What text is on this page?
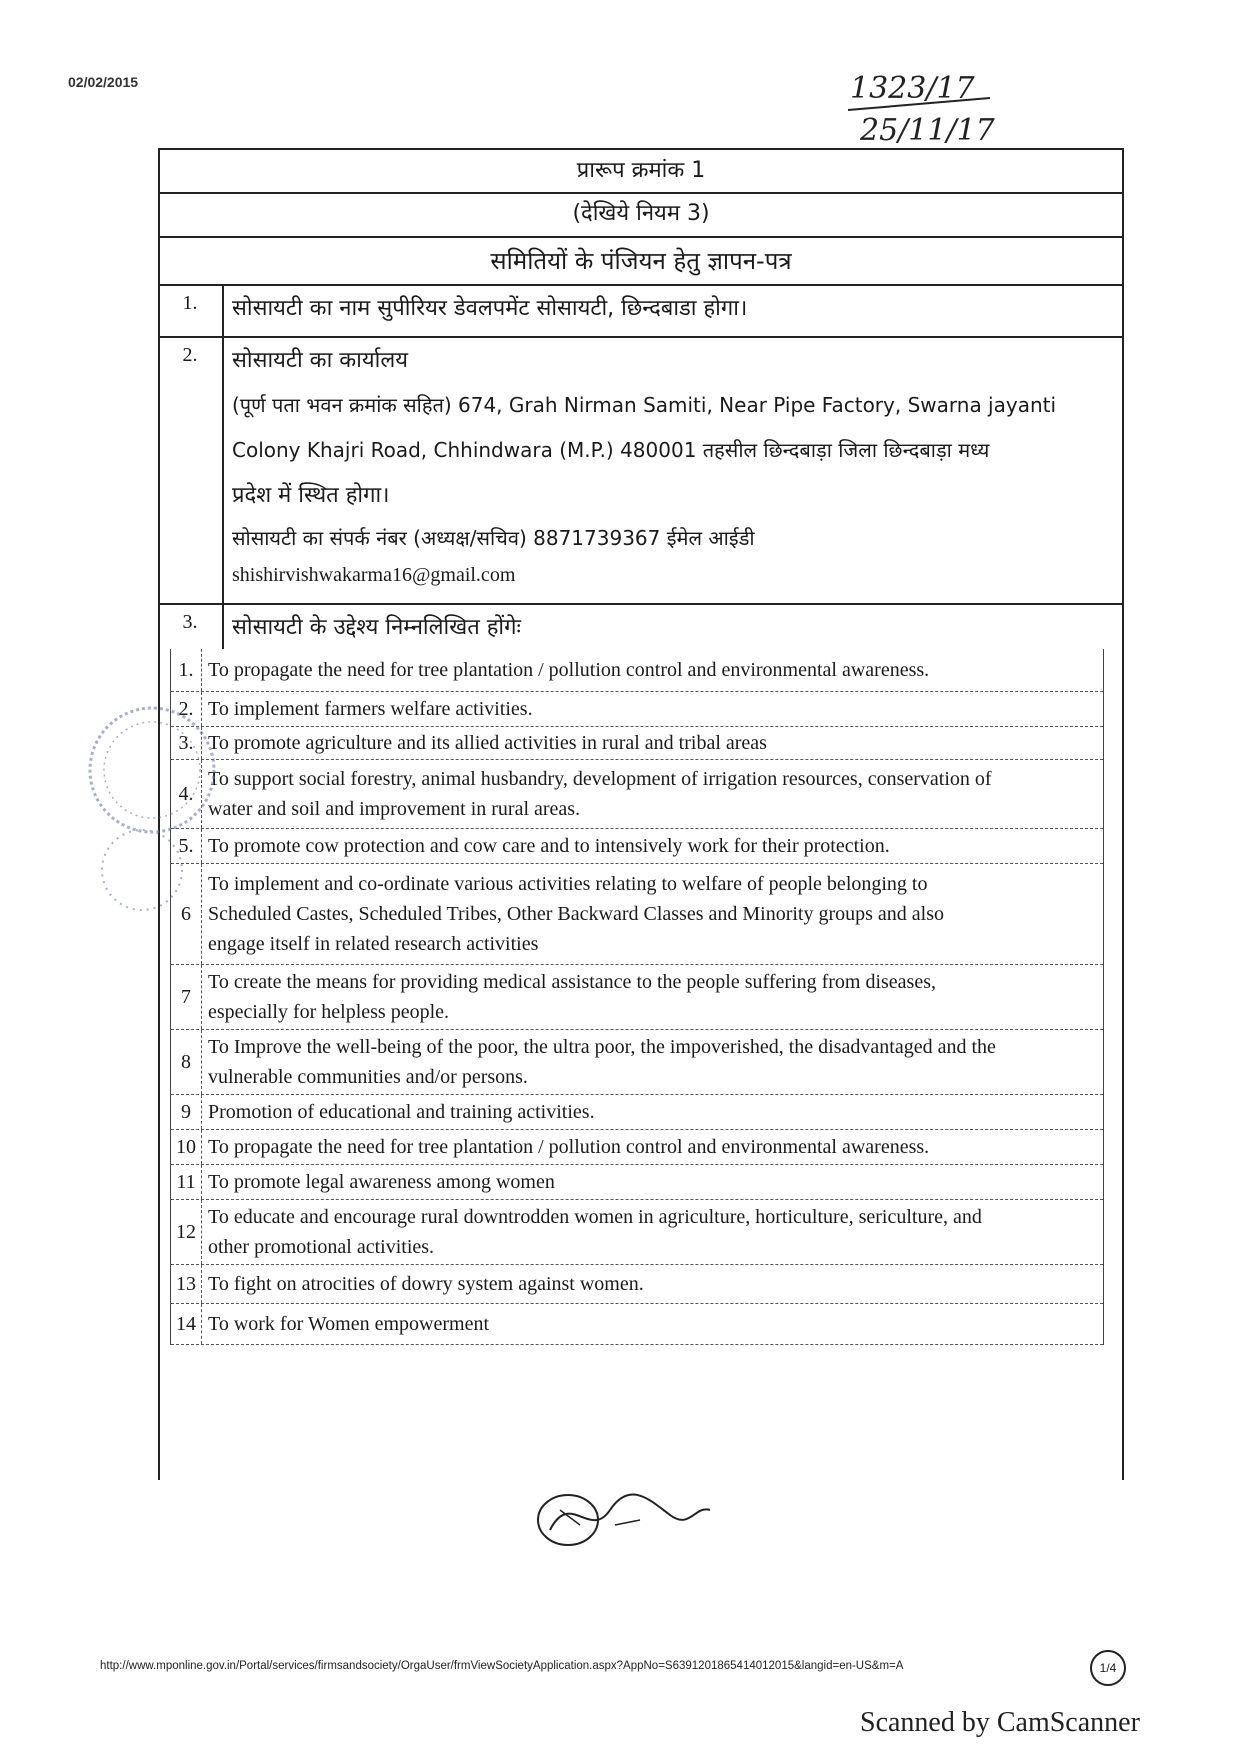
02/02/2015	1323/17
25/11/17
प्रारूप क्रमांक 1
(देखिये नियम 3)
समितियों के पंजियन हेतु ज्ञापन-पत्र
1.	सोसायटी का नाम सुपीरियर डेवलपमेंट सोसायटी, छिन्दबाडा होगा।
2.	सोसायटी का कार्यालय
(पूर्ण पता भवन क्रमांक सहित) 674, Grah Nirman Samiti, Near Pipe Factory, Swarna jayanti
Colony Khajri Road, Chhindwara (M.P.) 480001 तहसील छिन्दबाड़ा जिला छिन्दबाड़ा मध्य
प्रदेश में स्थित होगा।
सोसायटी का संपर्क नंबर (अध्यक्ष/सचिव) 8871739367 ईमेल आईडी
shishirvishwakarma16@gmail.com
3.	सोसायटी के उद्देश्य निम्नलिखित होंगेः
1. To propagate the need for tree plantation / pollution control and environmental awareness.
2. To implement farmers welfare activities.
3. To promote agriculture and its allied activities in rural and tribal areas
4.
To support social forestry, animal husbandry, development of irrigation resources, conservation of
water and soil and improvement in rural areas.
5. To promote cow protection and cow care and to intensively work for their protection.
6
To implement and co-ordinate various activities relating to welfare of people belonging to
Scheduled Castes, Scheduled Tribes, Other Backward Classes and Minority groups and also
engage itself in related research activities
7
To create the means for providing medical assistance to the people suffering from diseases,
especially for helpless people.
8
To Improve the well-being of the poor, the ultra poor, the impoverished, the disadvantaged and the
vulnerable communities and/or persons.
9 Promotion of educational and training activities.
10 To propagate the need for tree plantation / pollution control and environmental awareness.
11 To promote legal awareness among women
12
To educate and encourage rural downtrodden women in agriculture, horticulture, sericulture, and
other promotional activities.
13 To fight on atrocities of dowry system against women.
14 To work for Women empowerment
http://www.mponline.gov.in/Portal/services/firmsandsociety/OrgaUser/frmViewSocietyApplication.aspx?AppNo=S639120186541401201​5&langid=en-US&m=A	1/4
Scanned by CamScanner
